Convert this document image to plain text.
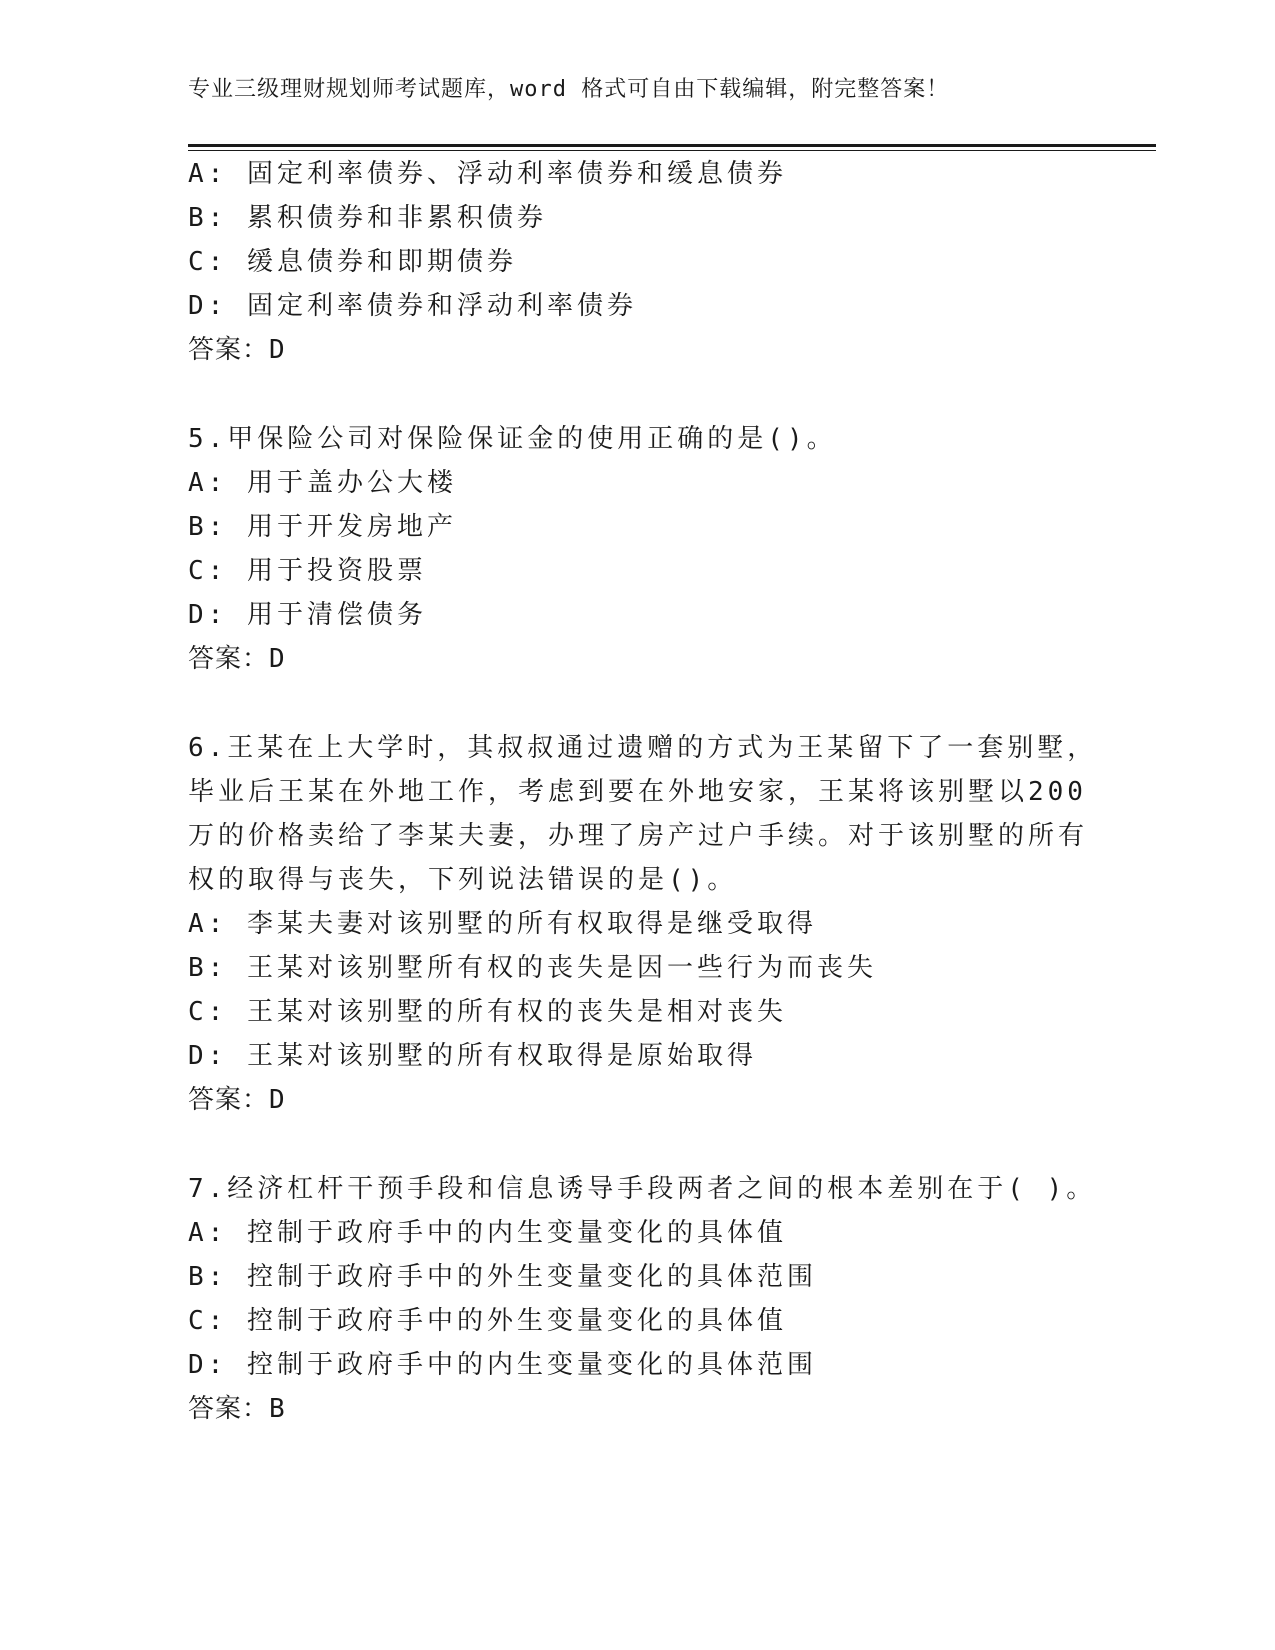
专业三级理财规划师考试题库，word 格式可自由下载编辑，附完整答案！
A: 固定利率债券、浮动利率债券和缓息债券
B: 累积债券和非累积债券
C: 缓息债券和即期债券
D: 固定利率债券和浮动利率债券
答案：D
5.甲保险公司对保险保证金的使用正确的是()。
A: 用于盖办公大楼
B: 用于开发房地产
C: 用于投资股票
D: 用于清偿债务
答案：D
6.王某在上大学时，其叔叔通过遗赠的方式为王某留下了一套别墅，
毕业后王某在外地工作，考虑到要在外地安家，王某将该别墅以200
万的价格卖给了李某夫妻，办理了房产过户手续。对于该别墅的所有
权的取得与丧失，下列说法错误的是()。
A: 李某夫妻对该别墅的所有权取得是继受取得
B: 王某对该别墅所有权的丧失是因一些行为而丧失
C: 王某对该别墅的所有权的丧失是相对丧失
D: 王某对该别墅的所有权取得是原始取得
答案：D
7.经济杠杆干预手段和信息诱导手段两者之间的根本差别在于( )。
A: 控制于政府手中的内生变量变化的具体值
B: 控制于政府手中的外生变量变化的具体范围
C: 控制于政府手中的外生变量变化的具体值
D: 控制于政府手中的内生变量变化的具体范围
答案：B
